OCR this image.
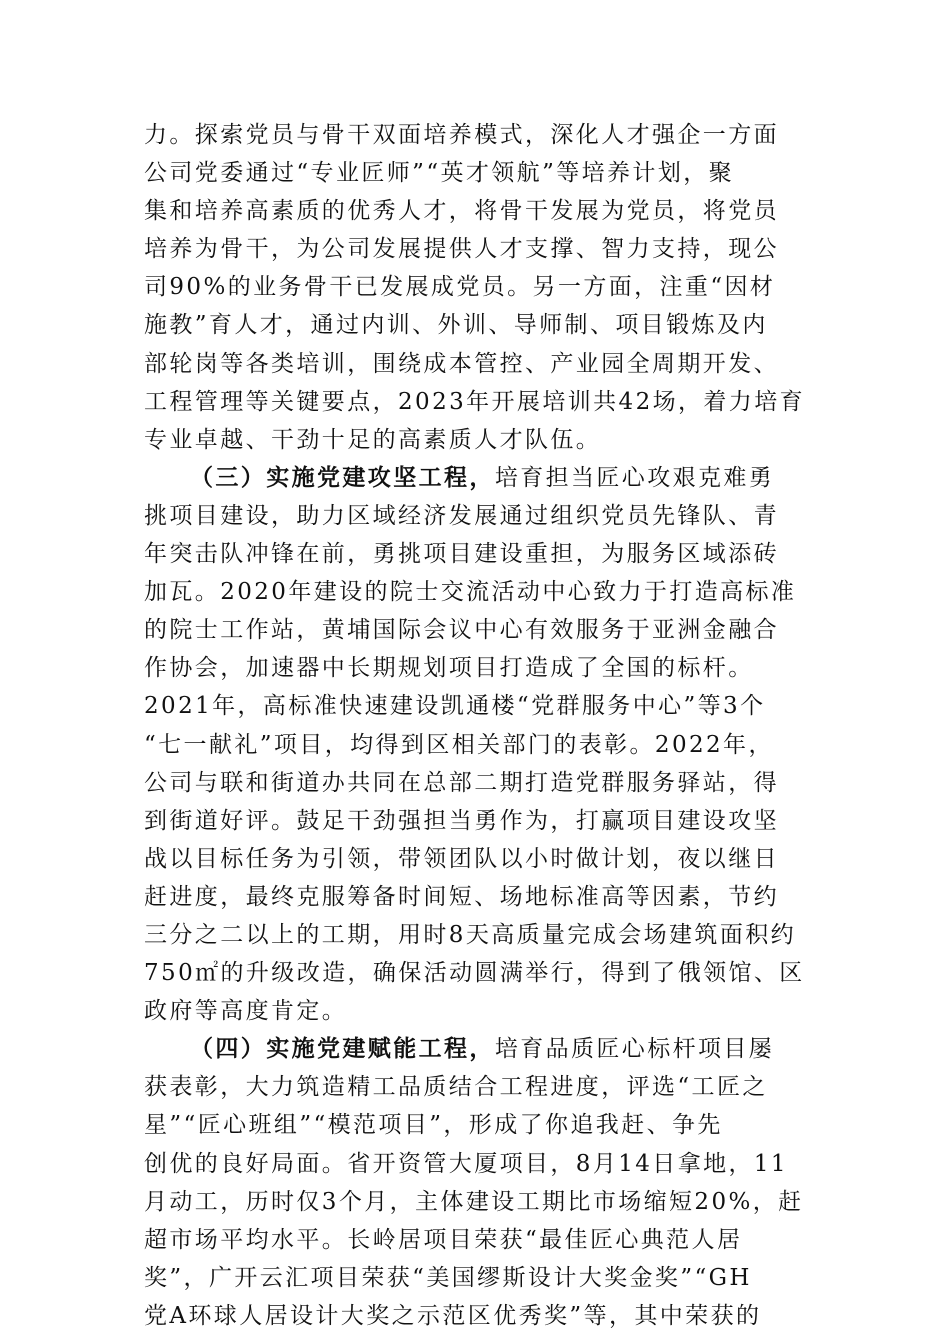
力。探索党员与骨干双面培养模式，深化人才强企一方面
公司党委通过“专业匠师”“英才领航”等培养计划，聚
集和培养高素质的优秀人才，将骨干发展为党员，将党员
培养为骨干，为公司发展提供人才支撑、智力支持，现公
司90%的业务骨干已发展成党员。另一方面，注重“因材
施教”育人才，通过内训、外训、导师制、项目锻炼及内
部轮岗等各类培训，围绕成本管控、产业园全周期开发、
工程管理等关键要点，2023年开展培训共42场，着力培育
专业卓越、干劲十足的高素质人才队伍。
（三）实施党建攻坚工程，培育担当匠心攻艰克难勇
挑项目建设，助力区域经济发展通过组织党员先锋队、青
年突击队冲锋在前，勇挑项目建设重担，为服务区域添砖
加瓦。2020年建设的院士交流活动中心致力于打造高标准
的院士工作站，黄埔国际会议中心有效服务于亚洲金融合
作协会，加速器中长期规划项目打造成了全国的标杆。
2021年，高标准快速建设凯通楼“党群服务中心”等3个
“七一献礼”项目，均得到区相关部门的表彰。2022年，
公司与联和街道办共同在总部二期打造党群服务驿站，得
到街道好评。鼓足干劲强担当勇作为，打赢项目建设攻坚
战以目标任务为引领，带领团队以小时做计划，夜以继日
赶进度，最终克服筹备时间短、场地标准高等因素，节约
三分之二以上的工期，用时8天高质量完成会场建筑面积约
750㎡的升级改造，确保活动圆满举行，得到了俄领馆、区
政府等高度肯定。
（四）实施党建赋能工程，培育品质匠心标杆项目屡
获表彰，大力筑造精工品质结合工程进度，评选“工匠之
星”“匠心班组”“模范项目”，形成了你追我赶、争先
创优的良好局面。省开资管大厦项目，8月14日拿地，11
月动工，历时仅3个月，主体建设工期比市场缩短20%，赶
超市场平均水平。长岭居项目荣获“最佳匠心典范人居
奖”，广开云汇项目荣获“美国缪斯设计大奖金奖”“GH
党A环球人居设计大奖之示范区优秀奖”等，其中荣获的
